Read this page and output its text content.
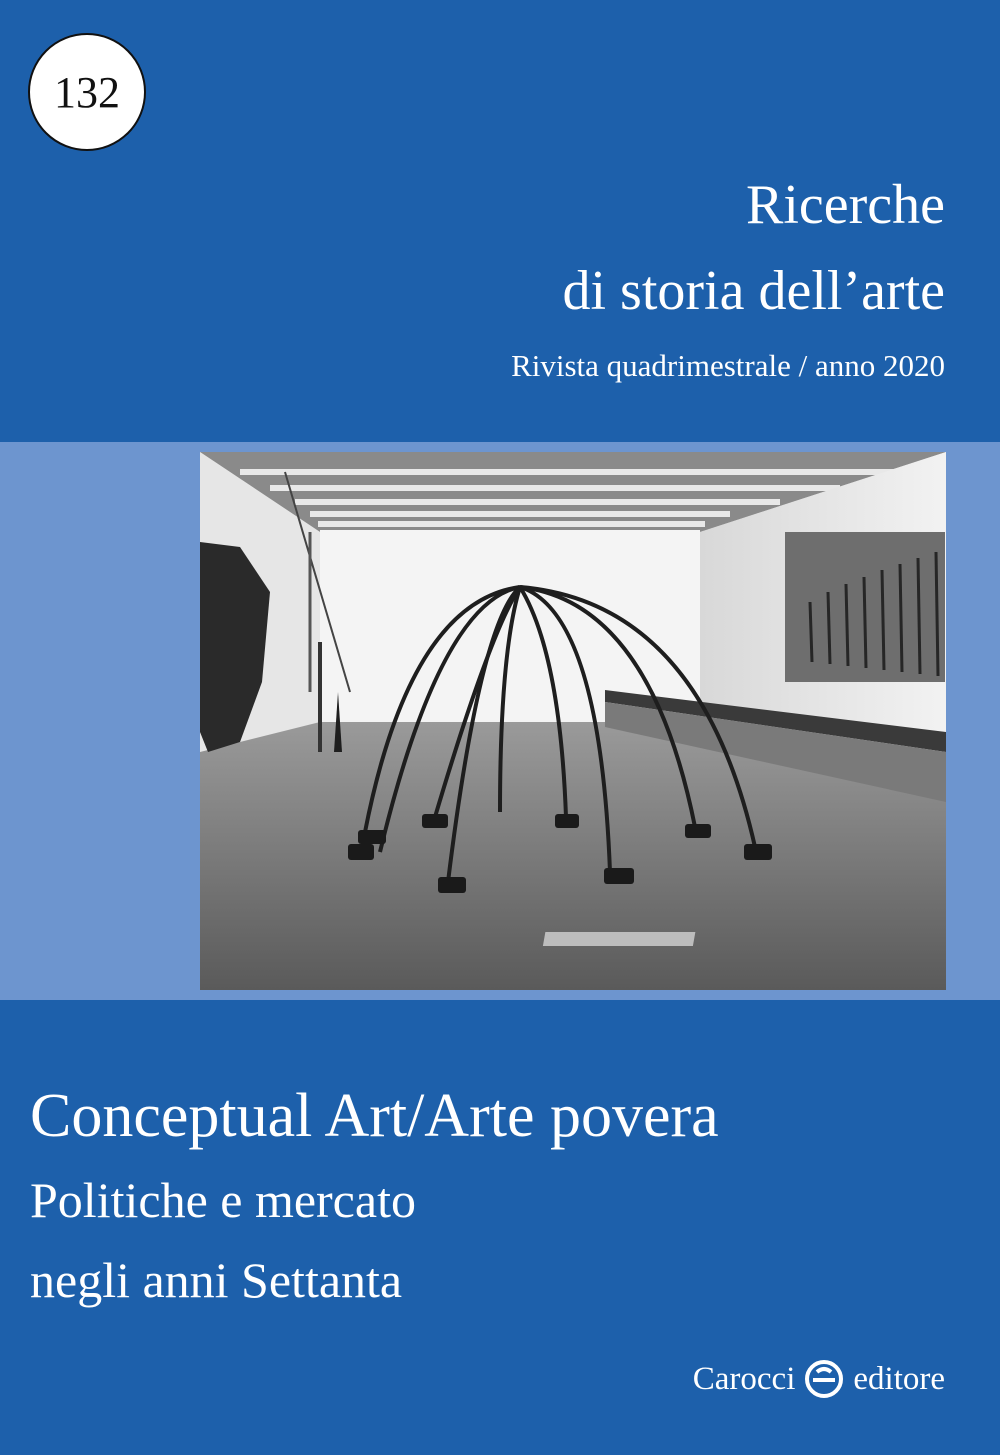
132
Ricerche
di storia dell’arte
Rivista quadrimestrale / anno 2020
Conceptual Art/Arte povera
Politiche e mercato
negli anni Settanta
Carocci editore
